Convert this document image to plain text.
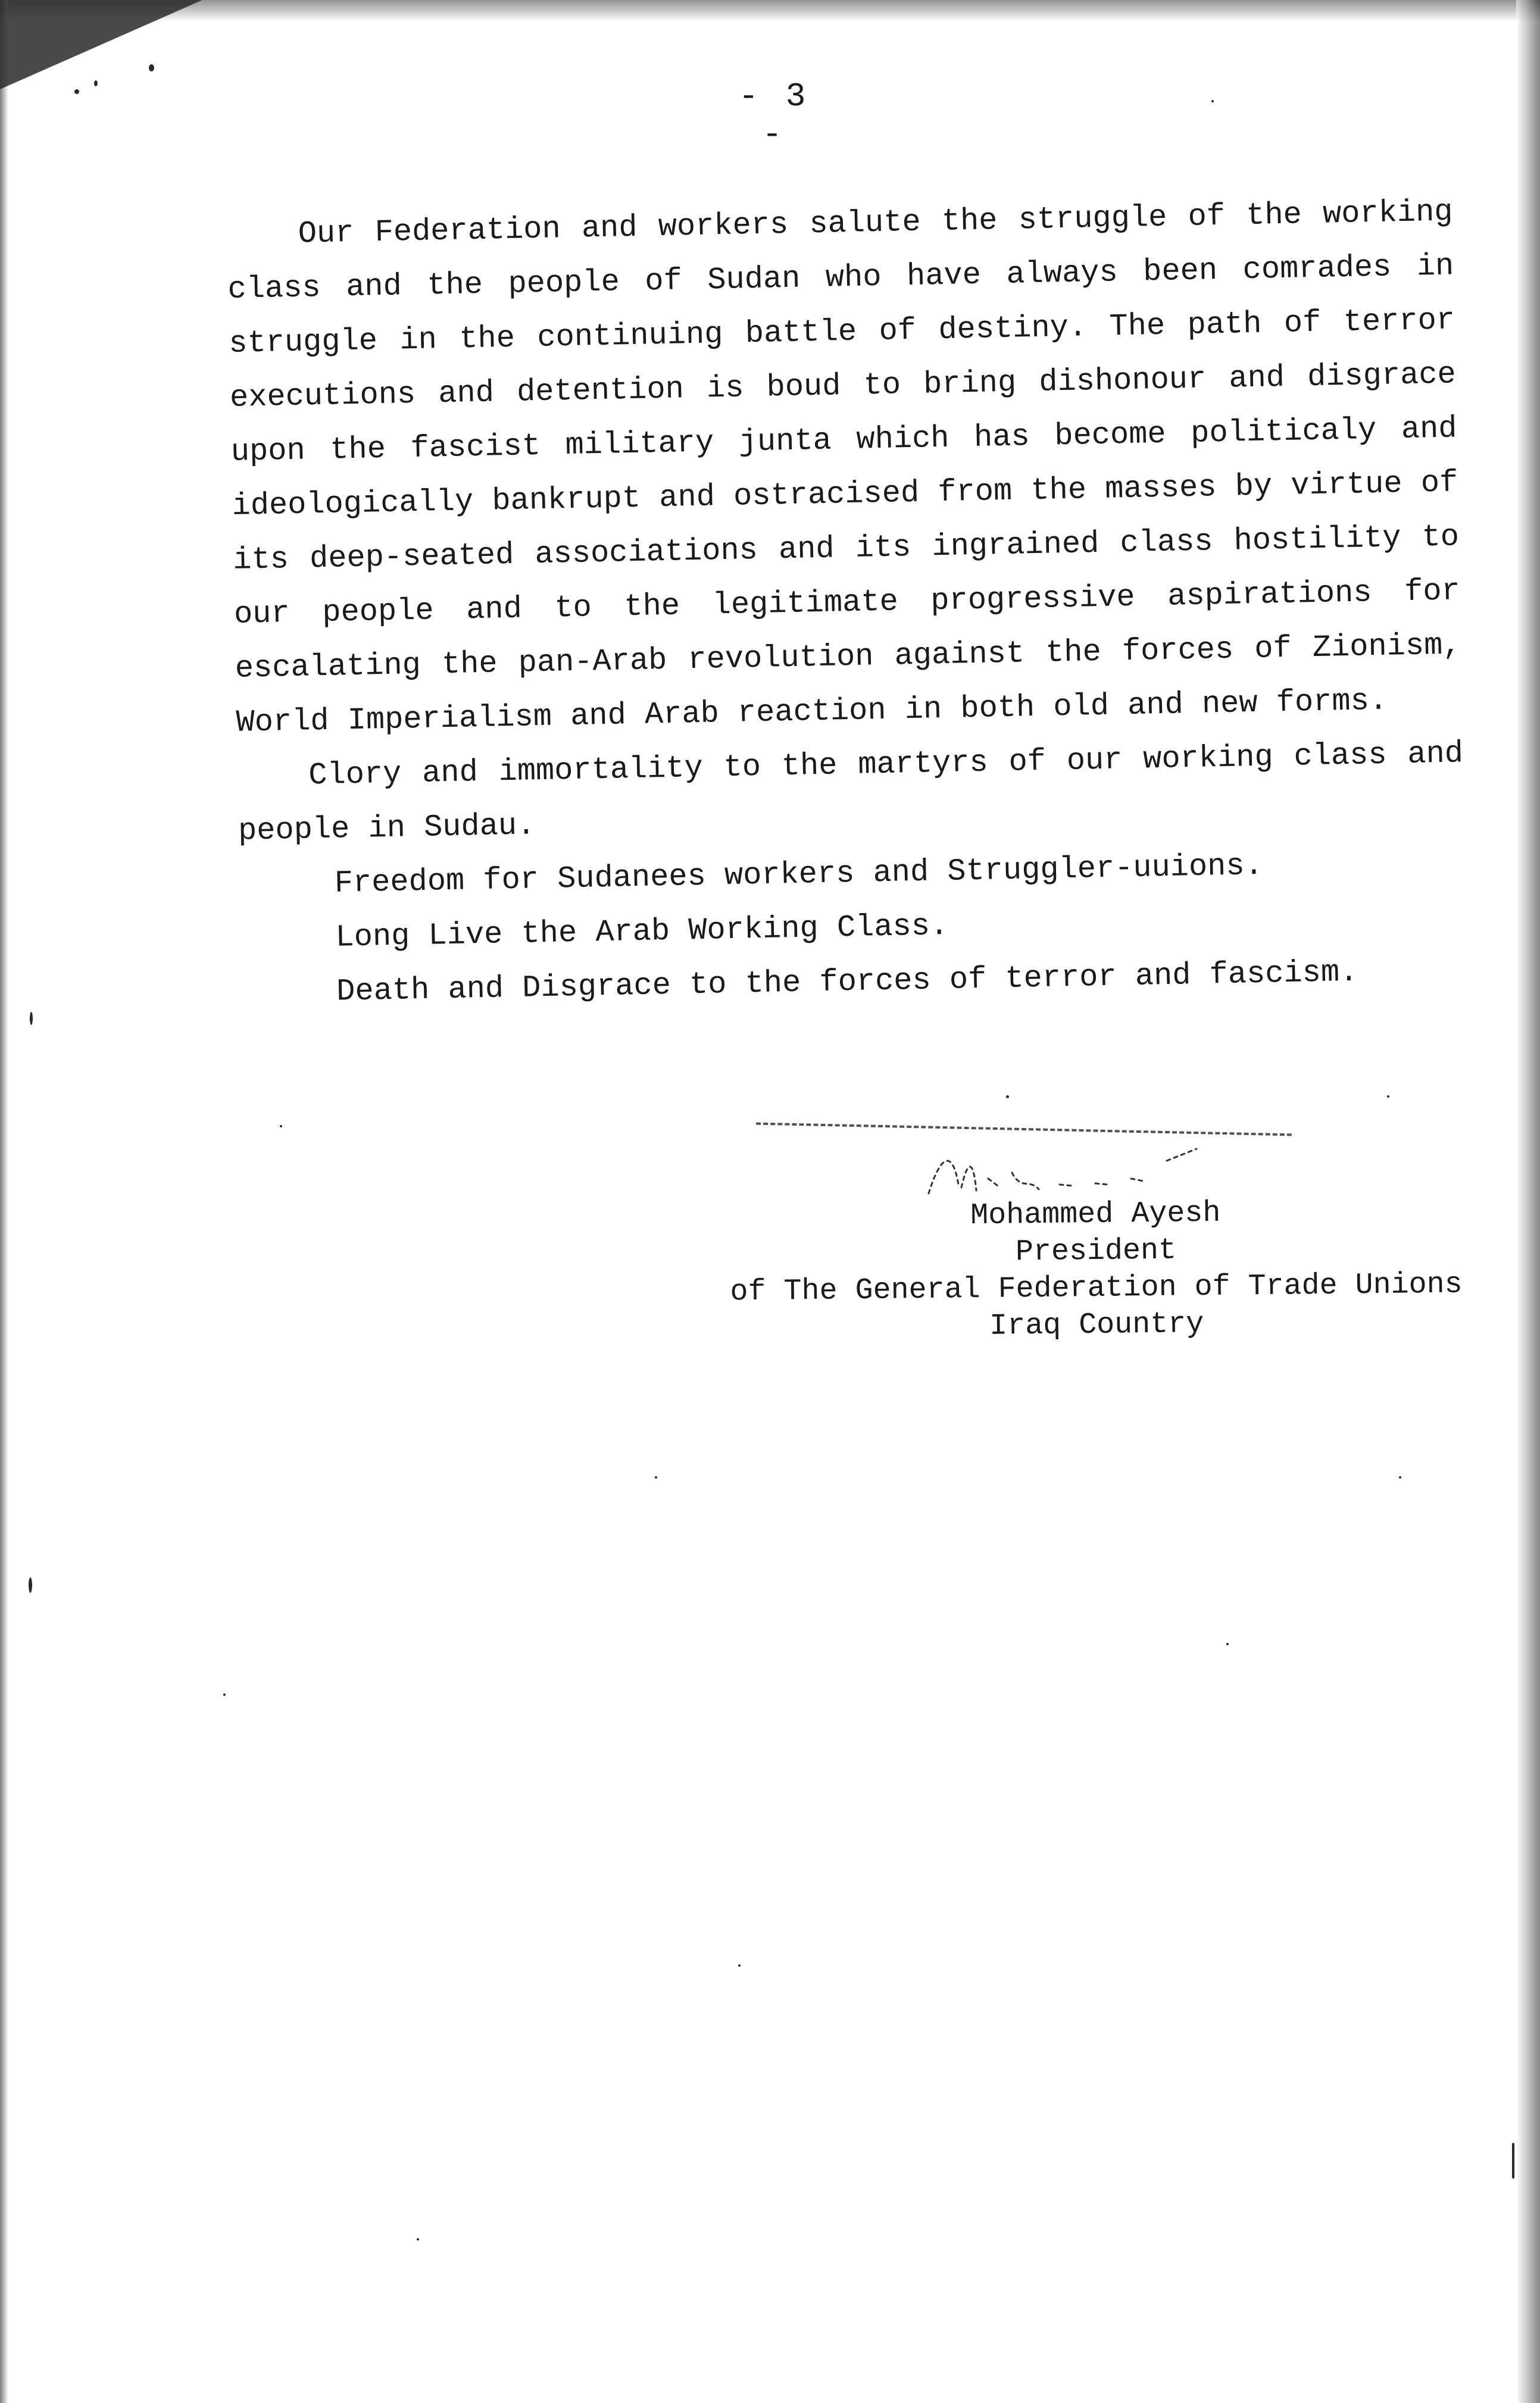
- 3 -

Our Federation and workers salute the struggle of the working class and the people of Sudan who have always been comrades in struggle in the continuing battle of destiny. The path of terror executions and detention is boud to bring dishonour and disgrace upon the fascist military junta which has become politicaly and ideologically bankrupt and ostracised from the masses by virtue of its deep-seated associations and its ingrained class hostility to our people and to the legitimate progressive aspirations for escalating the pan-Arab revolution against the forces of Zionism, World Imperialism and Arab reaction in both old and new forms.

Clory and immortality to the martyrs of our working class and people in Sudau.

Freedom for Sudanees workers and Struggler-uuions.

Long Live the Arab Working Class.

Death and Disgrace to the forces of terror and fascism.

Mohammed Ayesh
President
of The General Federation of Trade Unions
Iraq Country
